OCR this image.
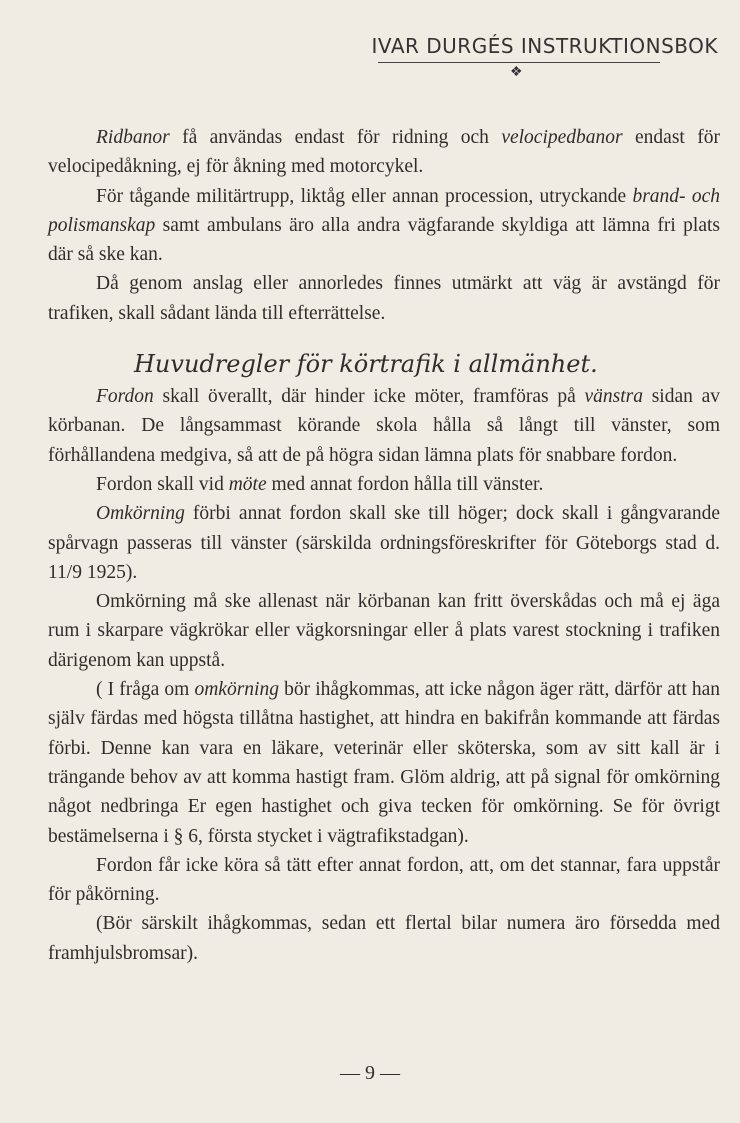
IVAR DURGÉS INSTRUKTIONSBOK
❖

Ridbanor få användas endast för ridning och velocipedbanor endast för velocipedåkning, ej för åkning med motorcykel.

För tågande militärtrupp, liktåg eller annan procession, utryckande brand- och polismanskap samt ambulans äro alla andra vägfarande skyldiga att lämna fri plats där så ske kan.

Då genom anslag eller annorledes finnes utmärkt att väg är avstängd för trafiken, skall sådant lända till efterrättelse.

Huvudregler för körtrafik i allmänhet.

Fordon skall överallt, där hinder icke möter, framföras på vänstra sidan av körbanan. De långsammast körande skola hålla så långt till vänster, som förhållandena medgiva, så att de på högra sidan lämna plats för snabbare fordon.

Fordon skall vid möte med annat fordon hålla till vänster.

Omkörning förbi annat fordon skall ske till höger; dock skall i gångvarande spårvagn passeras till vänster (särskilda ordningsföreskrifter för Göteborgs stad d. 11/9 1925).

Omkörning må ske allenast när körbanan kan fritt överskådas och må ej äga rum i skarpare vägkrökar eller vägkorsningar eller å plats varest stockning i trafiken därigenom kan uppstå.

( I fråga om omkörning bör ihågkommas, att icke någon äger rätt, därför att han själv färdas med högsta tillåtna hastighet, att hindra en bakifrån kommande att färdas förbi. Denne kan vara en läkare, veterinär eller sköterska, som av sitt kall är i trängande behov av att komma hastigt fram. Glöm aldrig, att på signal för omkörning något nedbringa Er egen hastighet och giva tecken för omkörning. Se för övrigt bestämelserna i § 6, första stycket i vägtrafikstadgan).

Fordon får icke köra så tätt efter annat fordon, att, om det stannar, fara uppstår för påkörning.

(Bör särskilt ihågkommas, sedan ett flertal bilar numera äro försedda med framhjulsbromsar).

— 9 —
